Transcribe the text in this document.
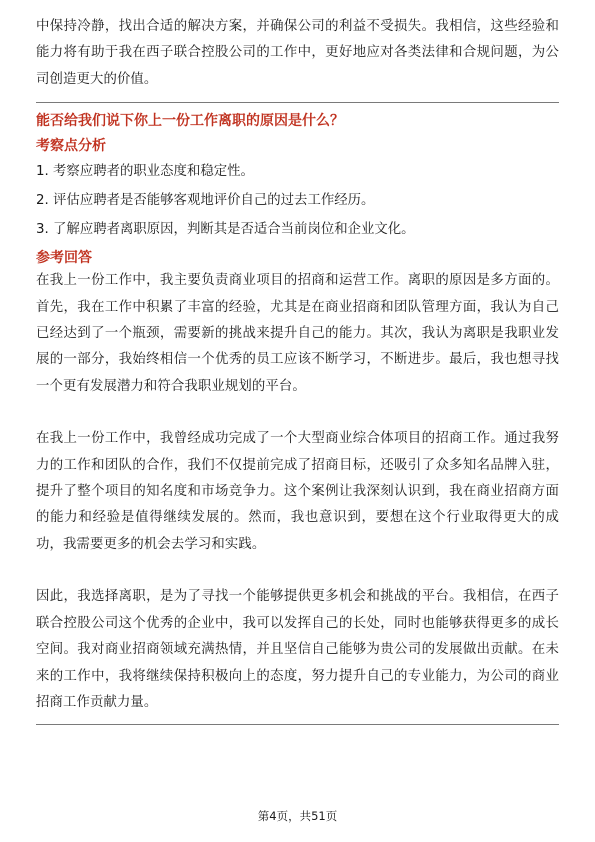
中保持冷静，找出合适的解决方案，并确保公司的利益不受损失。我相信，这些经验和能力将有助于我在西子联合控股公司的工作中，更好地应对各类法律和合规问题，为公司创造更大的价值。

能否给我们说下你上一份工作离职的原因是什么？

考察点分析

1. 考察应聘者的职业态度和稳定性。

2. 评估应聘者是否能够客观地评价自己的过去工作经历。

3. 了解应聘者离职原因，判断其是否适合当前岗位和企业文化。

参考回答

在我上一份工作中，我主要负责商业项目的招商和运营工作。离职的原因是多方面的。首先，我在工作中积累了丰富的经验，尤其是在商业招商和团队管理方面，我认为自己已经达到了一个瓶颈，需要新的挑战来提升自己的能力。其次，我认为离职是我职业发展的一部分，我始终相信一个优秀的员工应该不断学习，不断进步。最后，我也想寻找一个更有发展潜力和符合我职业规划的平台。

在我上一份工作中，我曾经成功完成了一个大型商业综合体项目的招商工作。通过我努力的工作和团队的合作，我们不仅提前完成了招商目标，还吸引了众多知名品牌入驻，提升了整个项目的知名度和市场竞争力。这个案例让我深刻认识到，我在商业招商方面的能力和经验是值得继续发展的。然而，我也意识到，要想在这个行业取得更大的成功，我需要更多的机会去学习和实践。

因此，我选择离职，是为了寻找一个能够提供更多机会和挑战的平台。我相信，在西子联合控股公司这个优秀的企业中，我可以发挥自己的长处，同时也能够获得更多的成长空间。我对商业招商领域充满热情，并且坚信自己能够为贵公司的发展做出贡献。在未来的工作中，我将继续保持积极向上的态度，努力提升自己的专业能力，为公司的商业招商工作贡献力量。

第4页，共51页
